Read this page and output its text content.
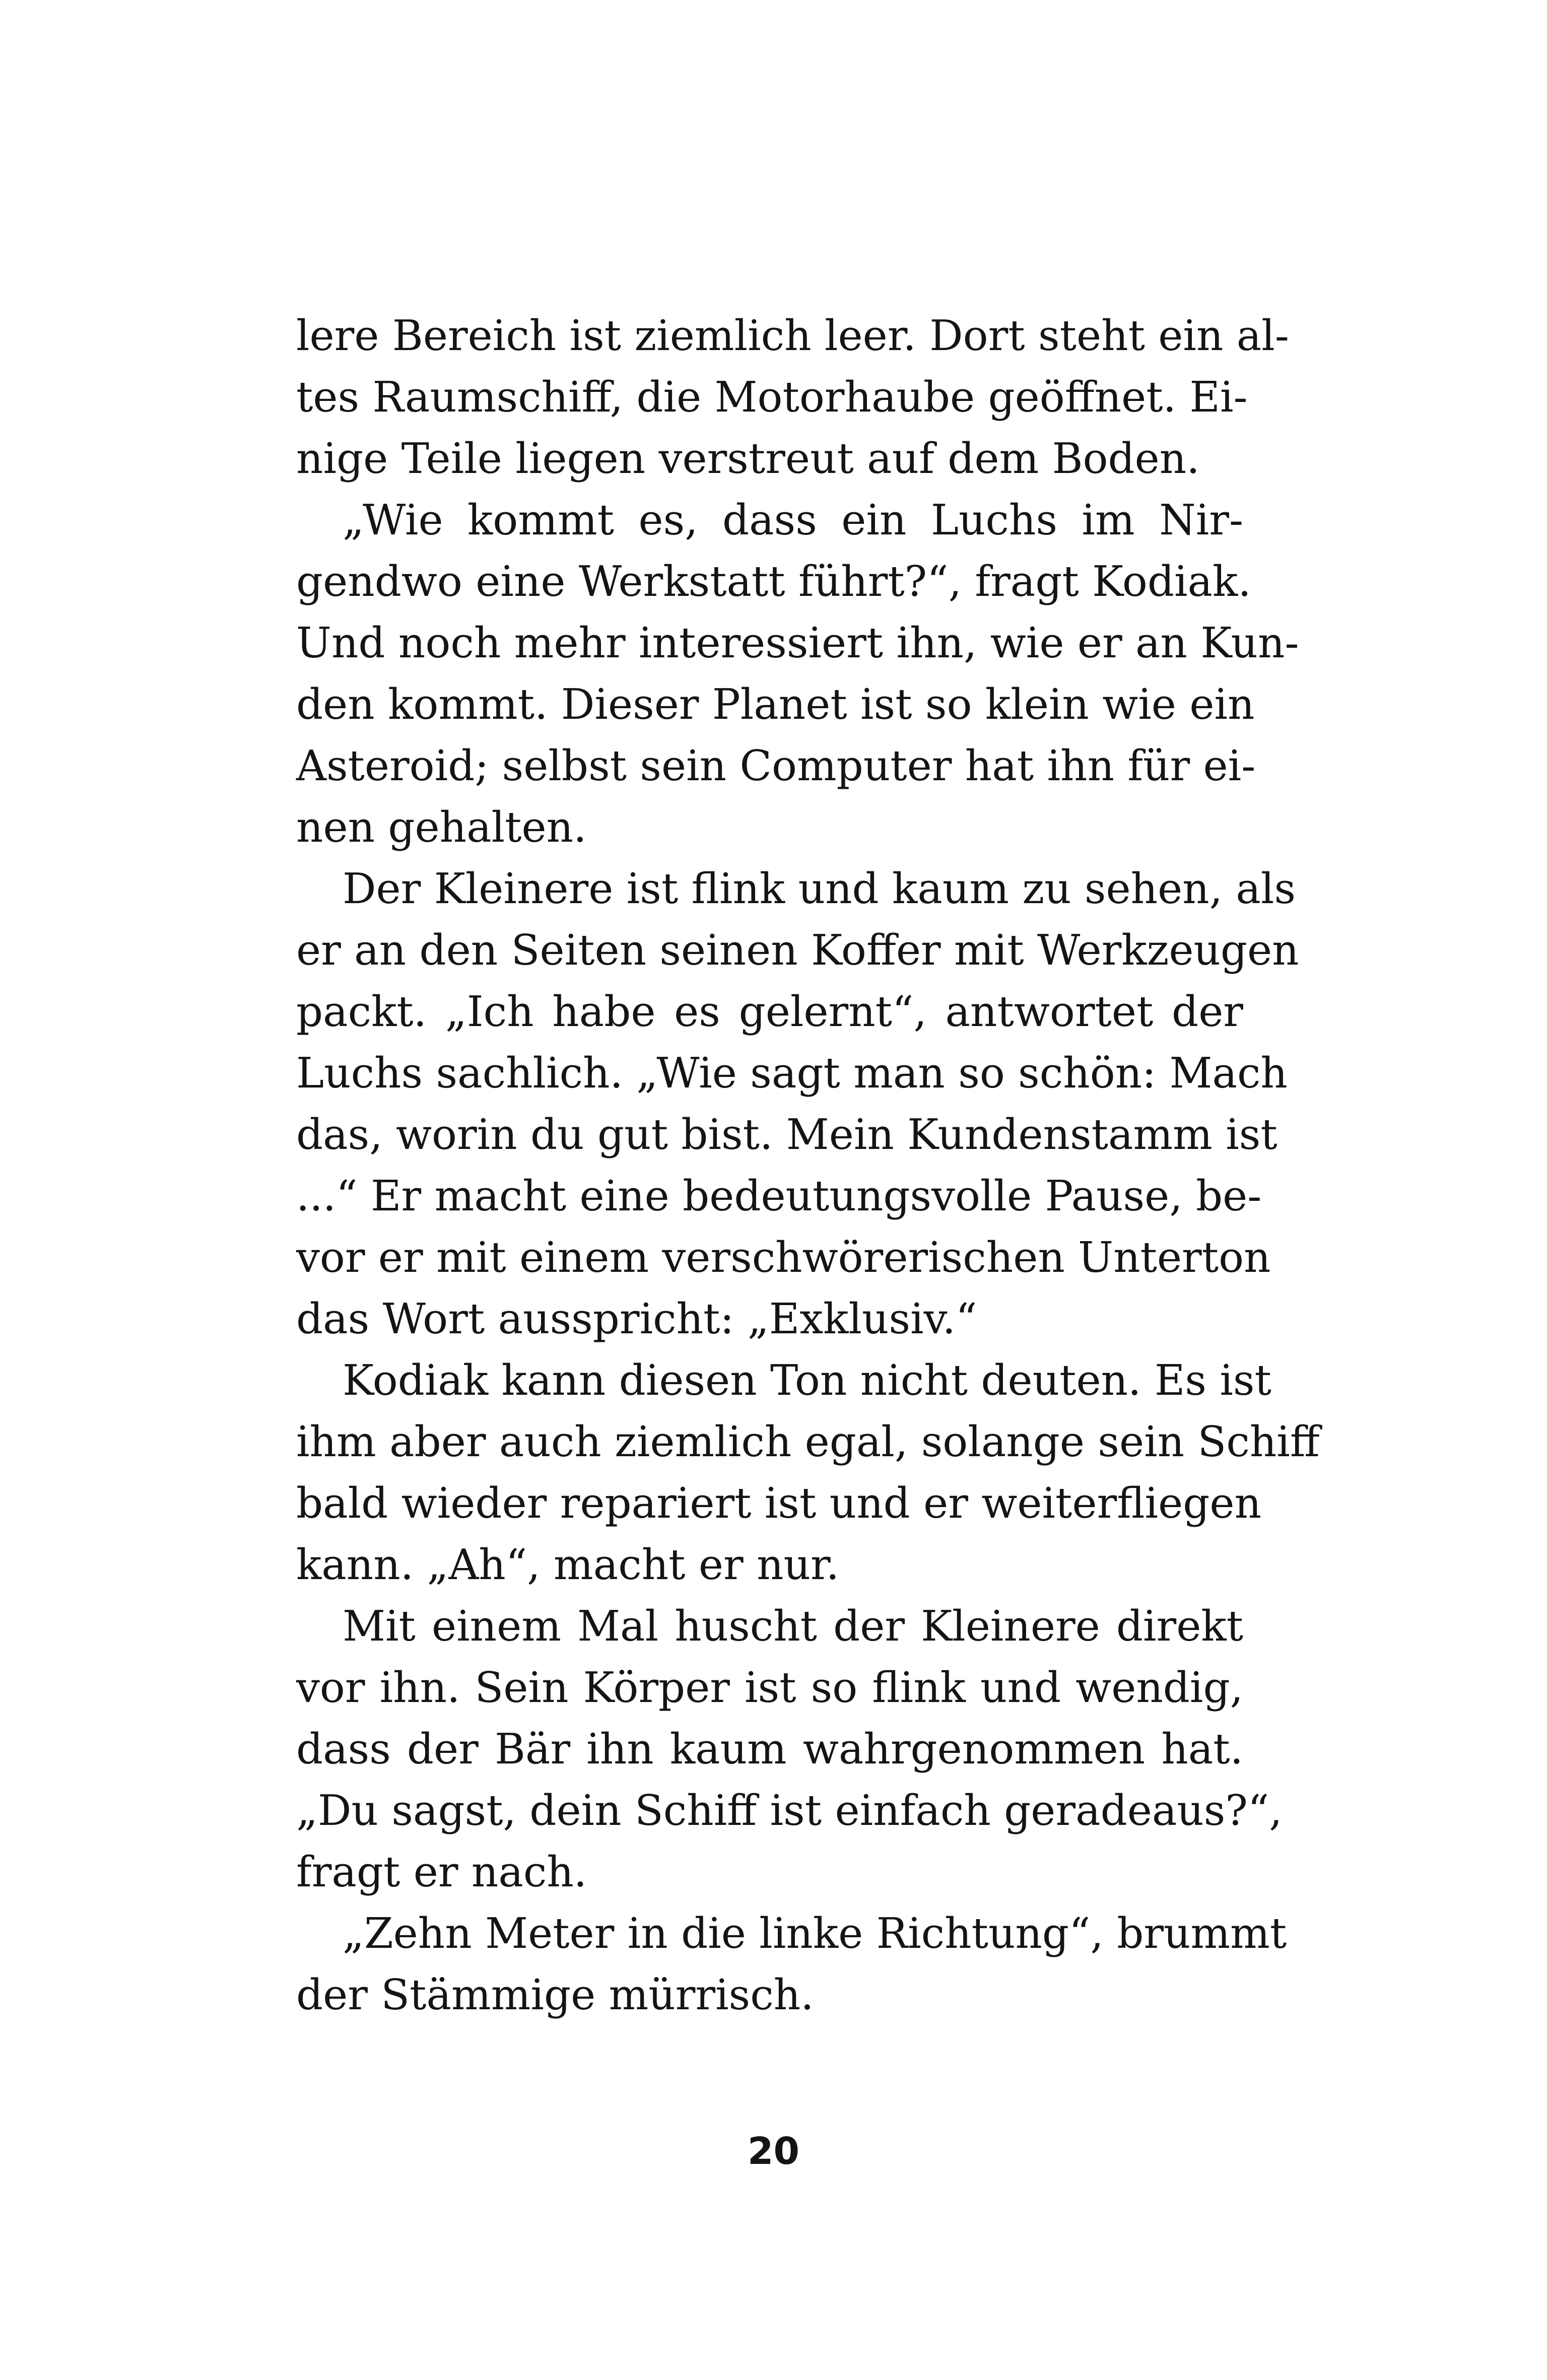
lere Bereich ist ziemlich leer. Dort steht ein al-
tes Raumschiff, die Motorhaube geöffnet. Ei-
nige Teile liegen verstreut auf dem Boden.
„Wie kommt es, dass ein Luchs im Nir-
gendwo eine Werkstatt führt?“, fragt Kodiak.
Und noch mehr interessiert ihn, wie er an Kun-
den kommt. Dieser Planet ist so klein wie ein
Asteroid; selbst sein Computer hat ihn für ei-
nen gehalten.
Der Kleinere ist flink und kaum zu sehen, als
er an den Seiten seinen Koffer mit Werkzeugen
packt. „Ich habe es gelernt“, antwortet der
Luchs sachlich. „Wie sagt man so schön: Mach
das, worin du gut bist. Mein Kundenstamm ist
...“ Er macht eine bedeutungsvolle Pause, be-
vor er mit einem verschwörerischen Unterton
das Wort ausspricht: „Exklusiv.“
Kodiak kann diesen Ton nicht deuten. Es ist
ihm aber auch ziemlich egal, solange sein Schiff
bald wieder repariert ist und er weiterfliegen
kann. „Ah“, macht er nur.
Mit einem Mal huscht der Kleinere direkt
vor ihn. Sein Körper ist so flink und wendig,
dass der Bär ihn kaum wahrgenommen hat.
„Du sagst, dein Schiff ist einfach geradeaus?“,
fragt er nach.
„Zehn Meter in die linke Richtung“, brummt
der Stämmige mürrisch.
20
